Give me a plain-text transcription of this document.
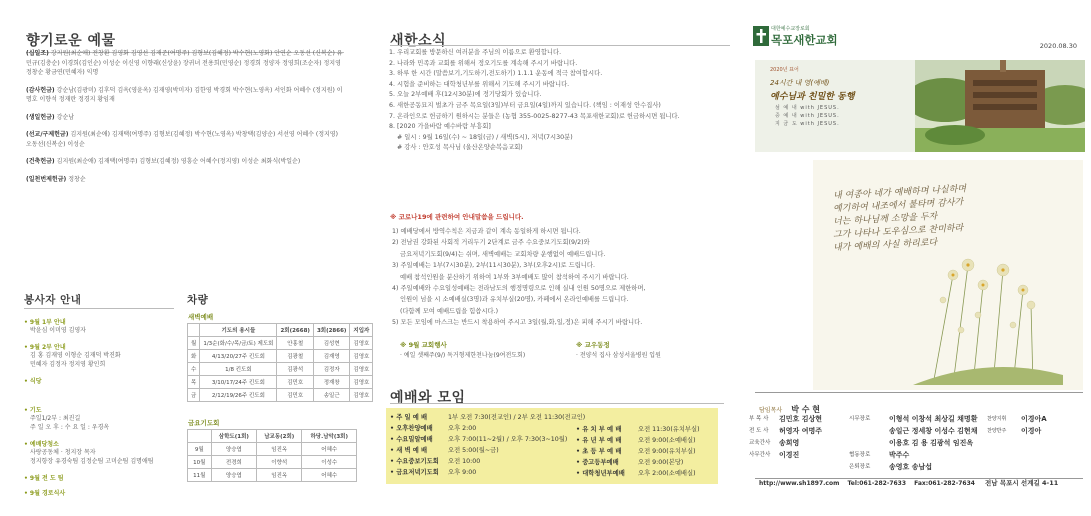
향기로운 예물
(십일조) 강지원(최순애) 전창환 김영화 김영선 김재준(여명주) 김형보(김혜정) 박수현(노영화) 안연순 오동선 (신복순) 유민규(김충순) 이경희(김인순) 이성순 이신영 이향래(신상윤) 장귀녀 전용희(민영순) 정경희 정양자 정영희(조순자) 정지영 정창순 황금연(민혜자) 익명
(감사헌금) 강순남(김광미) 김후덕 김옥(영윤옥) 김재영(박미자) 김한영 박경회 박수현(노영옥) 서인화 어혜수 (정지원) 이명호 이향석 정재란 정경지 황임재
(생일헌금) 강순남
(선교/구제헌금) 김지원(최순애) 김재택(여명주) 김형보(김혜정) 박수현(노영옥) 박창택(김양순) 서선영 어혜수 (정지영) 오동선(신복순) 이성순
(건축헌금) 김지원(최순애) 김재택(여명주) 김형보(김혜정) 영흥순 어혜수(정지영) 이성순 최화식(박일순)
(일천번제헌금) 정창순
봉사자 안내
• 9월 1부 안내
박윤심 이미영 김영자
• 9월 2부 안내
김 홍 김재영 이형순 김재덕 박진화
민혜자 김정자 정지영 황인희
• 식당
• 기도
주일1/2부 : 최진길
주 일 오 후 : 수 요 일 : 우경옥
• 예배당청소
사랑공동체 · 청지장 목자
정지항장 유경숙팀 김정순팀 고미순팀 김명애팀
• 9월 전 도 팀
• 9월 경로식사
차량
새벽예배
	기도의 용시들	2회(2668)	3회(2866)	지입자
월	1/3순(화/수/목/금/토) 제도회	안홍철	김성현	김영호
화	4/13/20/27주 킨도회	김광철	김재영	김영호
수	1/8 킨도회	김광석	김정자	김영호
목	3/10/17/24주 킨도회	김민호	정재창	김영호
금	2/12/19/26주 킨도회	김민호	송일근	김영호
금요기도회
	삼학도(1회)	남교동(2회)	하당.남악(3회)
9월	양승엽	임진옥	어혜수
10월	전경희	이향석	이성수
11월	양승엽	임진옥	어혜수
새한소식
1. 우리교회를 방문하신 여러분을 주님의 이름으로 환영합니다.
2. 나라와 민족과 교회를 위해서 정오기도를 계속해 주시기 바랍니다.
3. 하루 한 시간 (말씀보기,기도하기,전도하기) 1.1.1 운동에 적극 참여합시다.
4. 시험을 준비하는 대학청년부를 위해서 기도해 주시기 바랍니다.
5. 오늘 2부예배 후(12시30분)에 정기당회가 있습니다.
6. 새한공동묘지 벌초가 금주 목요일(3일)부터 금요일(4일)까지 있습니다. (책임 : 이재성 안수집사)
7. 온라인으로 헌금하기 원하시는 분들은 (농협 355-0025-8277-43 목포새한교회)로 헌금하시면 됩니다.
8. [2020 가을바람 예수바람 부흥회]
# 일시 : 9월 16일(수) ~ 18일(금) / 새벽(5시), 저녁(7시30분)
# 강사 : 안호성 목사님 (울산온양순복음교회)
※ 코로나19에 관련하여 안내말씀을 드립니다.
1) 예배당에서 방역수칙은 지금과 같이 계속 동일하게 하시면 됩니다.
2) 전남권 강화된 사회적 거리두기 2단계로 금주 수요중보기도회(9/2)와
금요저녁기도회(9/4)는 쉬며, 새벽예배는 교회차량 운행없이 예배드립니다.
3) 주일예배는 1부(7시30분), 2부(11시30분), 3부(오후2시)로 드립니다.
예배 참석인원을 분산하기 위하여 1부와 3부예배도 많이 참석하여 주시기 바랍니다.
4) 주일예배와 수요일성예배는 전라남도의 행정명령으로 인해 실내 인원 50명으로 제한하며,
인원이 넘을 시 소예배실(3명)과 유치부실(20명), 카페에서 온라인예배를 드립니다.
(다함께 모여 예배드립을 힘씁시다.)
5) 모든 모임에 마스크는 반드시 착용하여 주시고 3일(월,화,일,정)은 피해 주시기 바랍니다.
※ 9월 교회행사
· 예일 셋째주(9/) 독거형제한천나눔(9여전도회)
※ 교우동정
· 전양석 집사 삼성서울병원 입원
예배와 모임
• 주 일 예 배	1부 오전 7:30(전교인) / 2부 오전 11:30(전교인)
• 오후찬양예배 오후 2:00
• 수요밀알예배 오후 7:00(11~2월) / 오후 7:30(3~10월)
• 새 벽 예 배	오전 5:00(월~금)
• 수요중보기도회 오전 10:00
• 금요저녁기도회 오후 9:00
• 유 치 부 예 배	오전 11:30(유치부실)
• 유 년 부 예 배	오전 9:00(소예배실)
• 초 등 부 예 배	오전 9:00(유치부실)
• 중고등부예배	오전 9:00(본당)
• 대학청년부예배 오후 2:00(소예배실)
대한예수교장로회
목포새한교회	2020.08.30
2020년 표어
24시간 내 영(예배)
예수님과 친밀한 동행
섬 예 내 with JESUS.
증 예 내 with JESUS.
지 금 도 with JESUS.
내 여종아 네가 예배하며 나실하며
예기하여 내조에서 불타며 감사가
너는 하나님께 소망을 두자
그가 나타나 도우심으로 찬미하라
내가 예배의 사실 하리로다
담임목사 박 수 현
부 목 사 김민호 김상현	시무장로	이형석 이창석 최상길 채명환 찬양지휘 이경아A
전 도 사 허영자 여명주	송일근 정세창 이성수 김현채 찬양반주 이경아
교육간사 송희영	이용호 김 용 김광석 임진옥
사무간사 이경진	협동장로	박주수
은퇴장로	송영호 송남섭
http://www.sh1897.com Tel:061-282-7633 Fax:061-282-7634 전남 목포시 선계길 4-11
